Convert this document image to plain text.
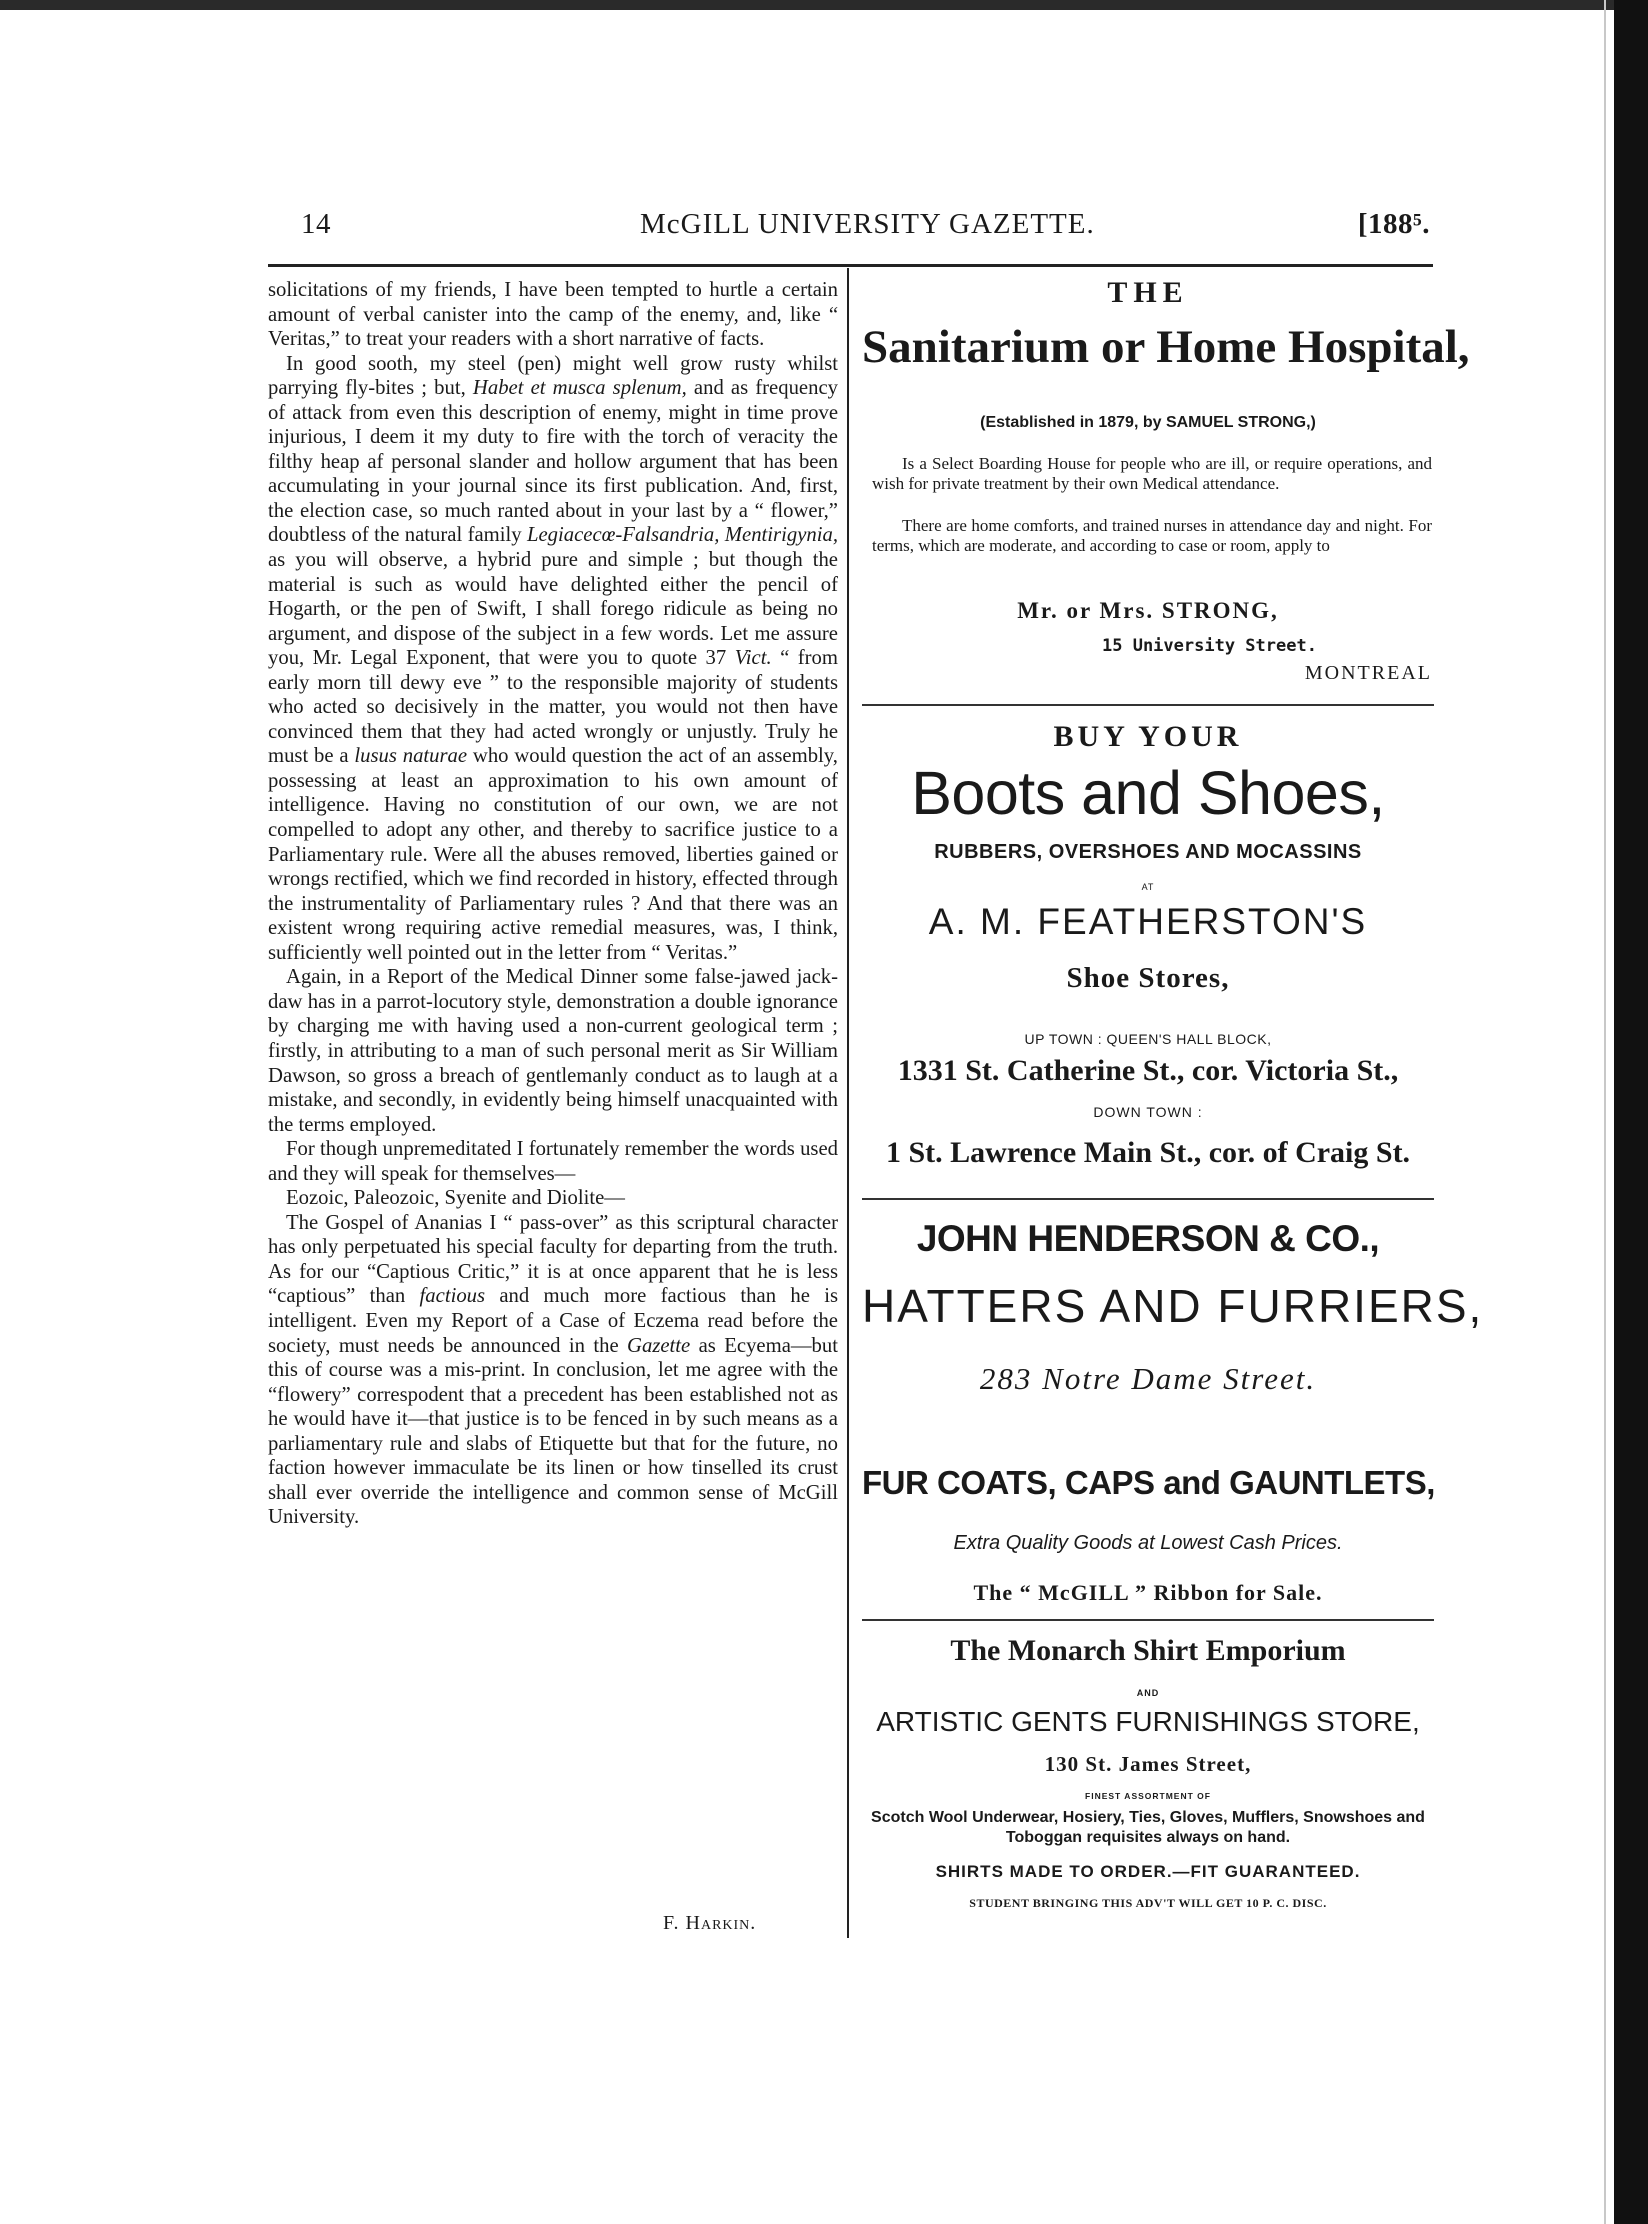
14	McGILL UNIVERSITY GAZETTE.	[188⁵.

solicitations of my friends, I have been tempted to hurtle a certain amount of verbal canister into the camp of the enemy, and, like “ Veritas,” to treat your readers with a short narrative of facts.

In good sooth, my steel (pen) might well grow rusty whilst parrying fly-bites ; but, Habet et musca splenum, and as frequency of attack from even this description of enemy, might in time prove injurious, I deem it my duty to fire with the torch of veracity the filthy heap af personal slander and hollow argument that has been accumulating in your journal since its first publication. And, first, the election case, so much ranted about in your last by a “ flower,” doubtless of the natural family Legiacecœ-Falsandria, Mentirigynia, as you will observe, a hybrid pure and simple ; but though the material is such as would have delighted either the pencil of Hogarth, or the pen of Swift, I shall forego ridicule as being no argument, and dispose of the subject in a few words. Let me assure you, Mr. Legal Exponent, that were you to quote 37 Vict. “ from early morn till dewy eve ” to the responsible majority of students who acted so decisively in the matter, you would not then have convinced them that they had acted wrongly or unjustly. Truly he must be a lusus naturae who would question the act of an assembly, possessing at least an approximation to his own amount of intelligence. Having no constitution of our own, we are not compelled to adopt any other, and thereby to sacrifice justice to a Parliamentary rule. Were all the abuses removed, liberties gained or wrongs rectified, which we find recorded in history, effected through the instrumentality of Parliamentary rules ? And that there was an existent wrong requiring active remedial measures, was, I think, sufficiently well pointed out in the letter from “ Veritas.”

Again, in a Report of the Medical Dinner some false-jawed jack-daw has in a parrot-locutory style, demonstration a double ignorance by charging me with having used a non-current geological term ; firstly, in attributing to a man of such personal merit as Sir William Dawson, so gross a breach of gentlemanly conduct as to laugh at a mistake, and secondly, in evidently being himself unacquainted with the terms employed.

For though unpremeditated I fortunately remember the words used and they will speak for themselves—

Eozoic, Paleozoic, Syenite and Diolite—

The Gospel of Ananias I “ pass-over” as this scriptural character has only perpetuated his special faculty for departing from the truth. As for our “Captious Critic,” it is at once apparent that he is less “captious” than factious and much more factious than he is intelligent. Even my Report of a Case of Eczema read before the society, must needs be announced in the Gazette as Ecyema—but this of course was a mis-print. In conclusion, let me agree with the “flowery” correspodent that a precedent has been established not as he would have it—that justice is to be fenced in by such means as a parliamentary rule and slabs of Etiquette but that for the future, no faction however immaculate be its linen or how tinselled its crust shall ever override the intelligence and common sense of McGill University.

F. Harkin.
THE
Sanitarium or Home Hospital,
(Established in 1879, by SAMUEL STRONG,)
Is a Select Boarding House for people who are ill, or require operations, and wish for private treatment by their own Medical attendance.
There are home comforts, and trained nurses in attendance day and night. For terms, which are moderate, and according to case or room, apply to
Mr. or Mrs. STRONG,
15 University Street.
MONTREAL
BUY YOUR
Boots and Shoes,
RUBBERS, OVERSHOES AND MOCASSINS
AT
A. M. FEATHERSTON'S
Shoe Stores,
UP TOWN : QUEEN'S HALL BLOCK,
1331 St. Catherine St., cor. Victoria St.,
DOWN TOWN :
1 St. Lawrence Main St., cor. of Craig St.
JOHN HENDERSON & CO.,
HATTERS AND FURRIERS,
283 Notre Dame Street.
FUR COATS, CAPS and GAUNTLETS,
Extra Quality Goods at Lowest Cash Prices.
The “ McGILL ” Ribbon for Sale.
The Monarch Shirt Emporium
AND
ARTISTIC GENTS FURNISHINGS STORE,
130 St. James Street,
FINEST ASSORTMENT OF
Scotch Wool Underwear, Hosiery, Ties, Gloves, Mufflers, Snowshoes and Toboggan requisites always on hand.
SHIRTS MADE TO ORDER.—FIT GUARANTEED.
STUDENT BRINGING THIS ADV'T WILL GET 10 P. C. DISC.
